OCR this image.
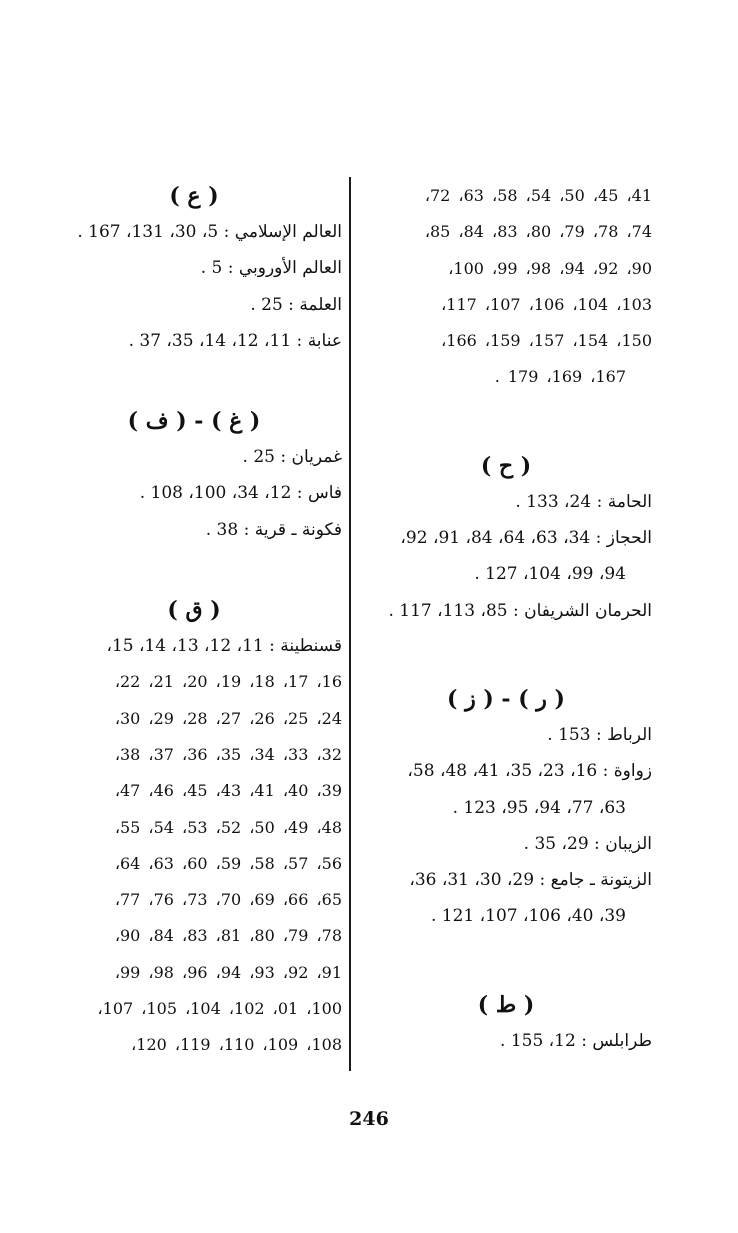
41، 45، 50، 54، 58، 63، 72،
74، 78، 79، 80، 83، 84، 85،
90، 92، 94، 98، 99، 100،
103، 104، 106، 107، 117،
150، 154، 157، 159، 166،
167، 169، 179 .
( ح )
الحامة : 24، 133 .
الحجاز : 34، 63، 64، 84، 91، 92،
94، 99، 104، 127 .
الحرمان الشريفان : 85، 113، 117 .
( ر ) - ( ز )
الرباط : 153 .
زواوة : 16، 23، 35، 41، 48، 58،
63، 77، 94، 95، 123 .
الزيبان : 29، 35 .
الزيتونة ـ جامع : 29، 30، 31، 36،
39، 40، 106، 107، 121 .
( ط )
طرابلس : 12، 155 .
( ع )
العالم الإسلامي : 5، 30، 131، 167 .
العالم الأوروبي : 5 .
العلمة : 25 .
عنابة : 11، 12، 14، 35، 37 .
( غ ) - ( ف )
غمريان : 25 .
فاس : 12، 34، 100، 108 .
فكونة ـ قرية : 38 .
( ق )
قسنطينة : 11، 12، 13، 14، 15،
16، 17، 18، 19، 20، 21، 22،
24، 25، 26، 27، 28، 29، 30،
32، 33، 34، 35، 36، 37، 38،
39، 40، 41، 43، 45، 46، 47،
48، 49، 50، 52، 53، 54، 55،
56، 57، 58، 59، 60، 63، 64،
65، 66، 69، 70، 73، 76، 77،
78، 79، 80، 81، 83، 84، 90،
91، 92، 93، 94، 96، 98، 99،
100، 01، 102، 104، 105، 107،
108، 109، 110، 119، 120،
246
